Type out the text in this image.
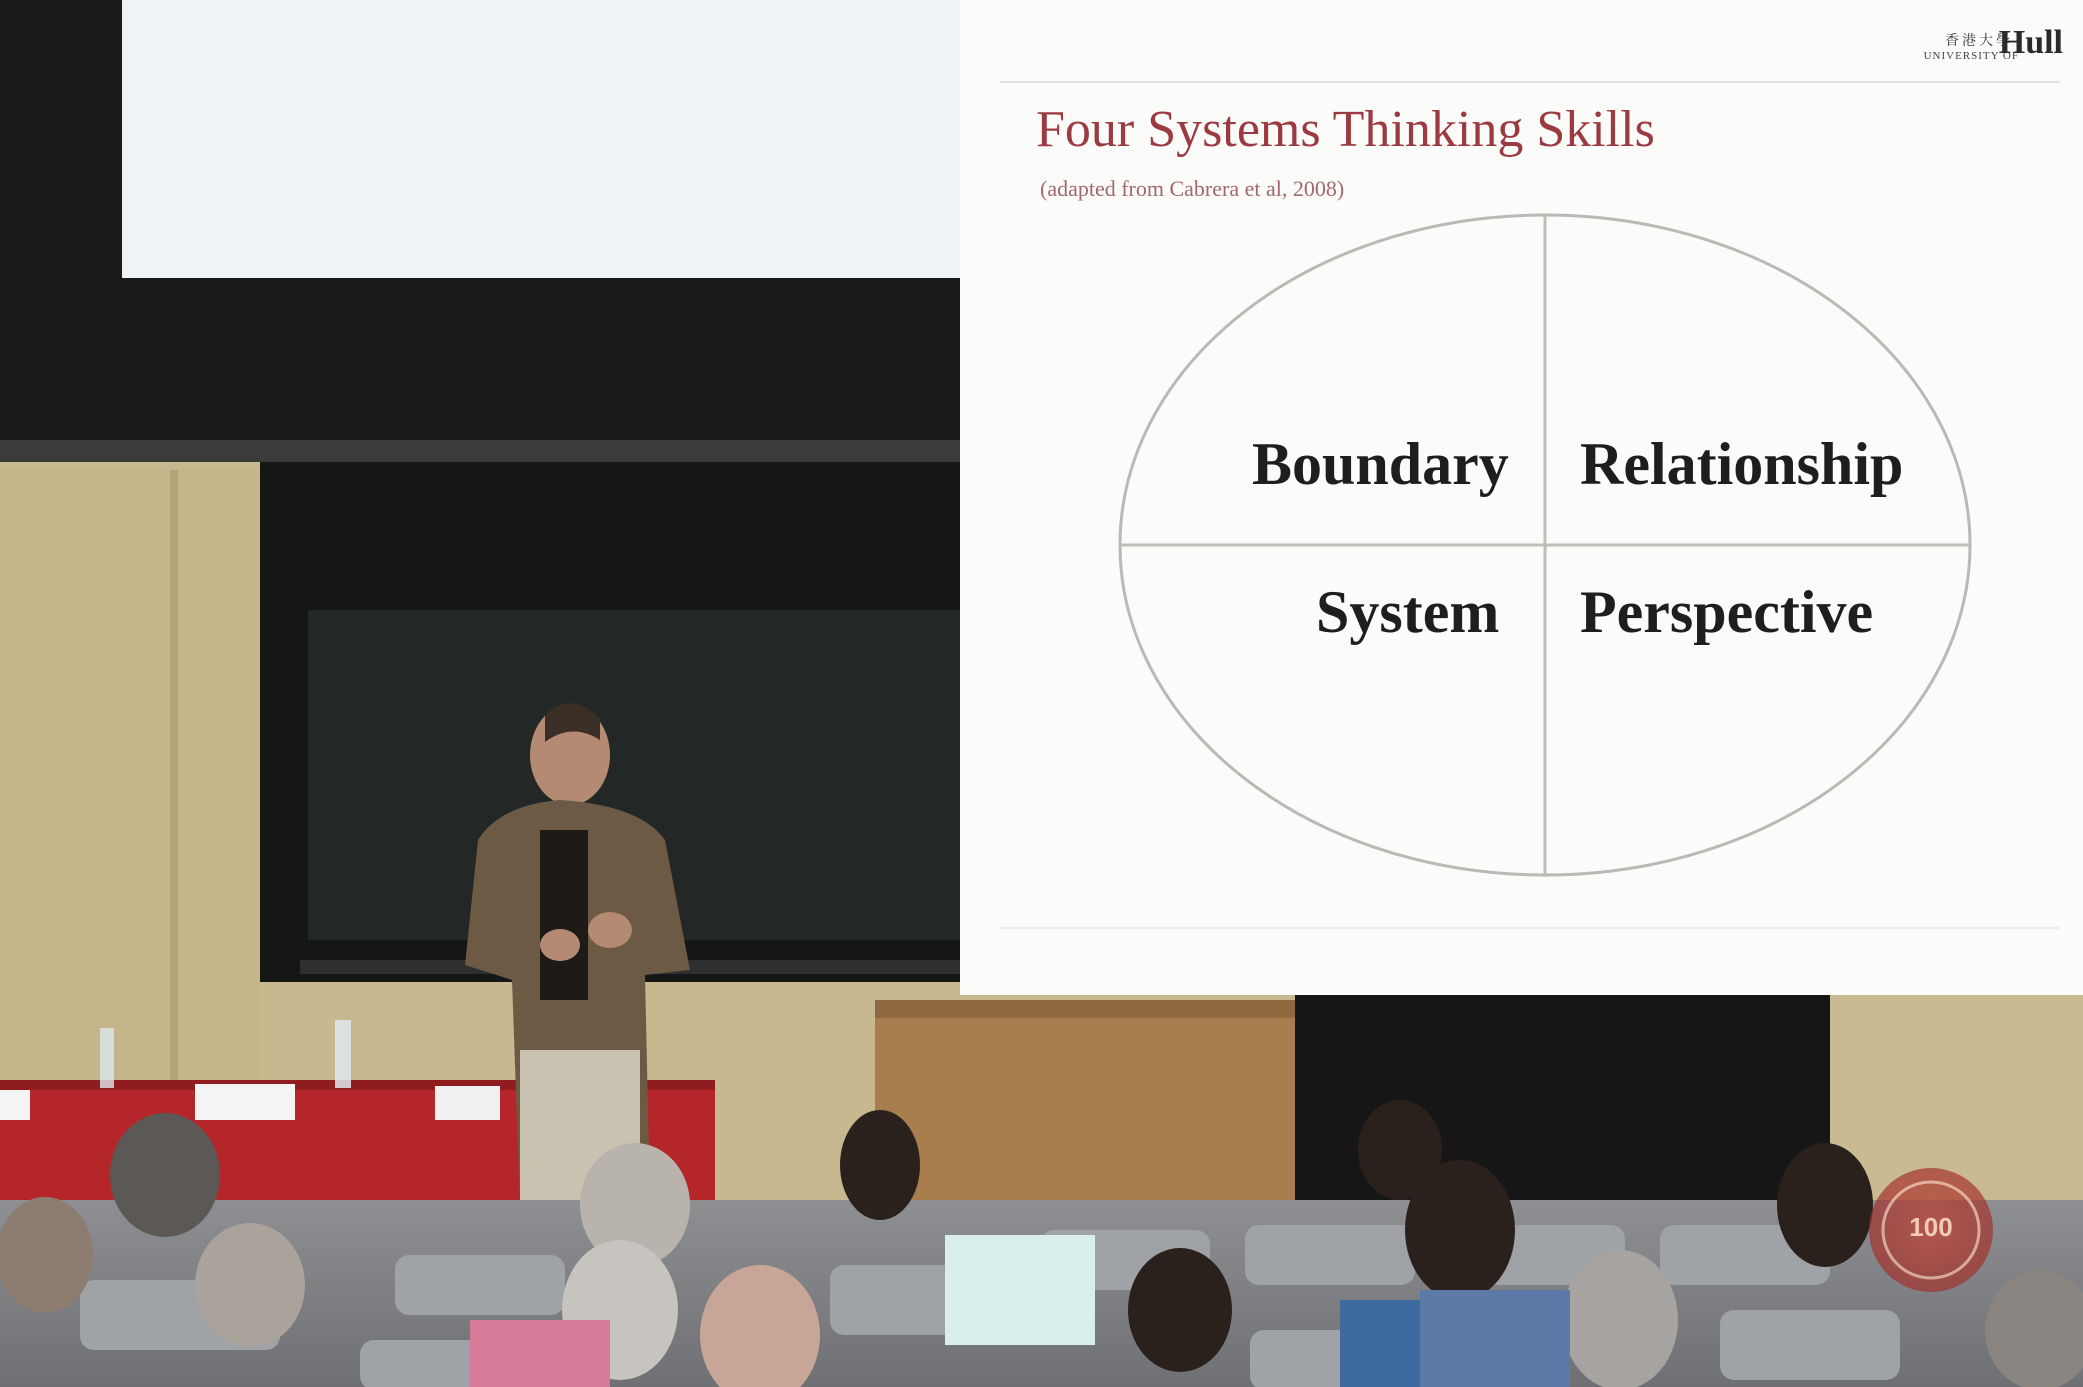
香港大學
UNIVERSITY OF
Hull
Four Systems Thinking Skills
(adapted from Cabrera et al, 2008)
Boundary Relationship
System Perspective
100
